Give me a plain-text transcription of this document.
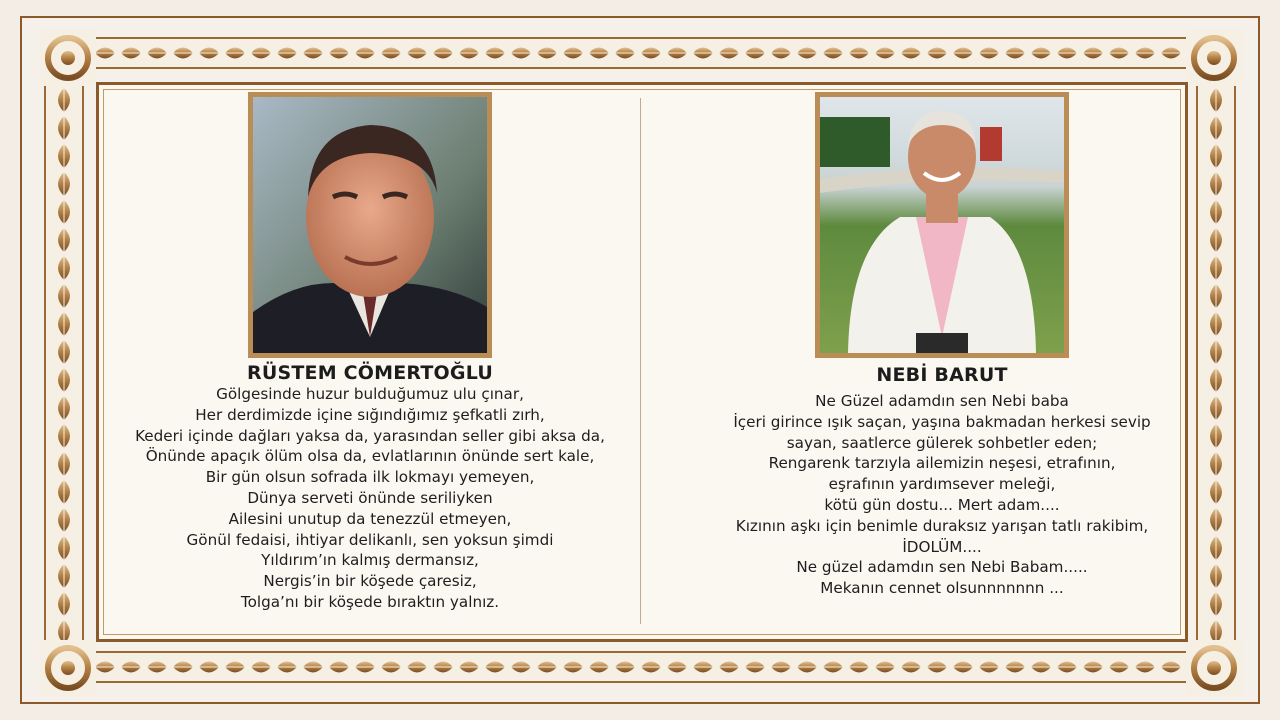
RÜSTEM CÖMERTOĞLU
Gölgesinde huzur bulduğumuz ulu çınar,
Her derdimizde içine sığındığımız şefkatli zırh,
Kederi içinde dağları yaksa da, yarasından seller gibi aksa da,
Önünde apaçık ölüm olsa da, evlatlarının önünde sert kale,
Bir gün olsun sofrada ilk lokmayı yemeyen,
Dünya serveti önünde seriliyken
Ailesini unutup da tenezzül etmeyen,
Gönül fedaisi, ihtiyar delikanlı, sen yoksun şimdi
Yıldırım’ın kalmış dermansız,
Nergis’in bir köşede çaresiz,
Tolga’nı bir köşede bıraktın yalnız.
NEBİ BARUT
Ne Güzel adamdın sen Nebi baba
İçeri girince ışık saçan, yaşına bakmadan herkesi sevip
sayan, saatlerce gülerek sohbetler eden;
Rengarenk tarzıyla ailemizin neşesi, etrafının,
eşrafının yardımsever meleği,
kötü gün dostu... Mert adam....
Kızının aşkı için benimle duraksız yarışan tatlı rakibim,
İDOLÜM....
Ne güzel adamdın sen Nebi Babam.....
Mekanın cennet olsunnnnnnn ...
